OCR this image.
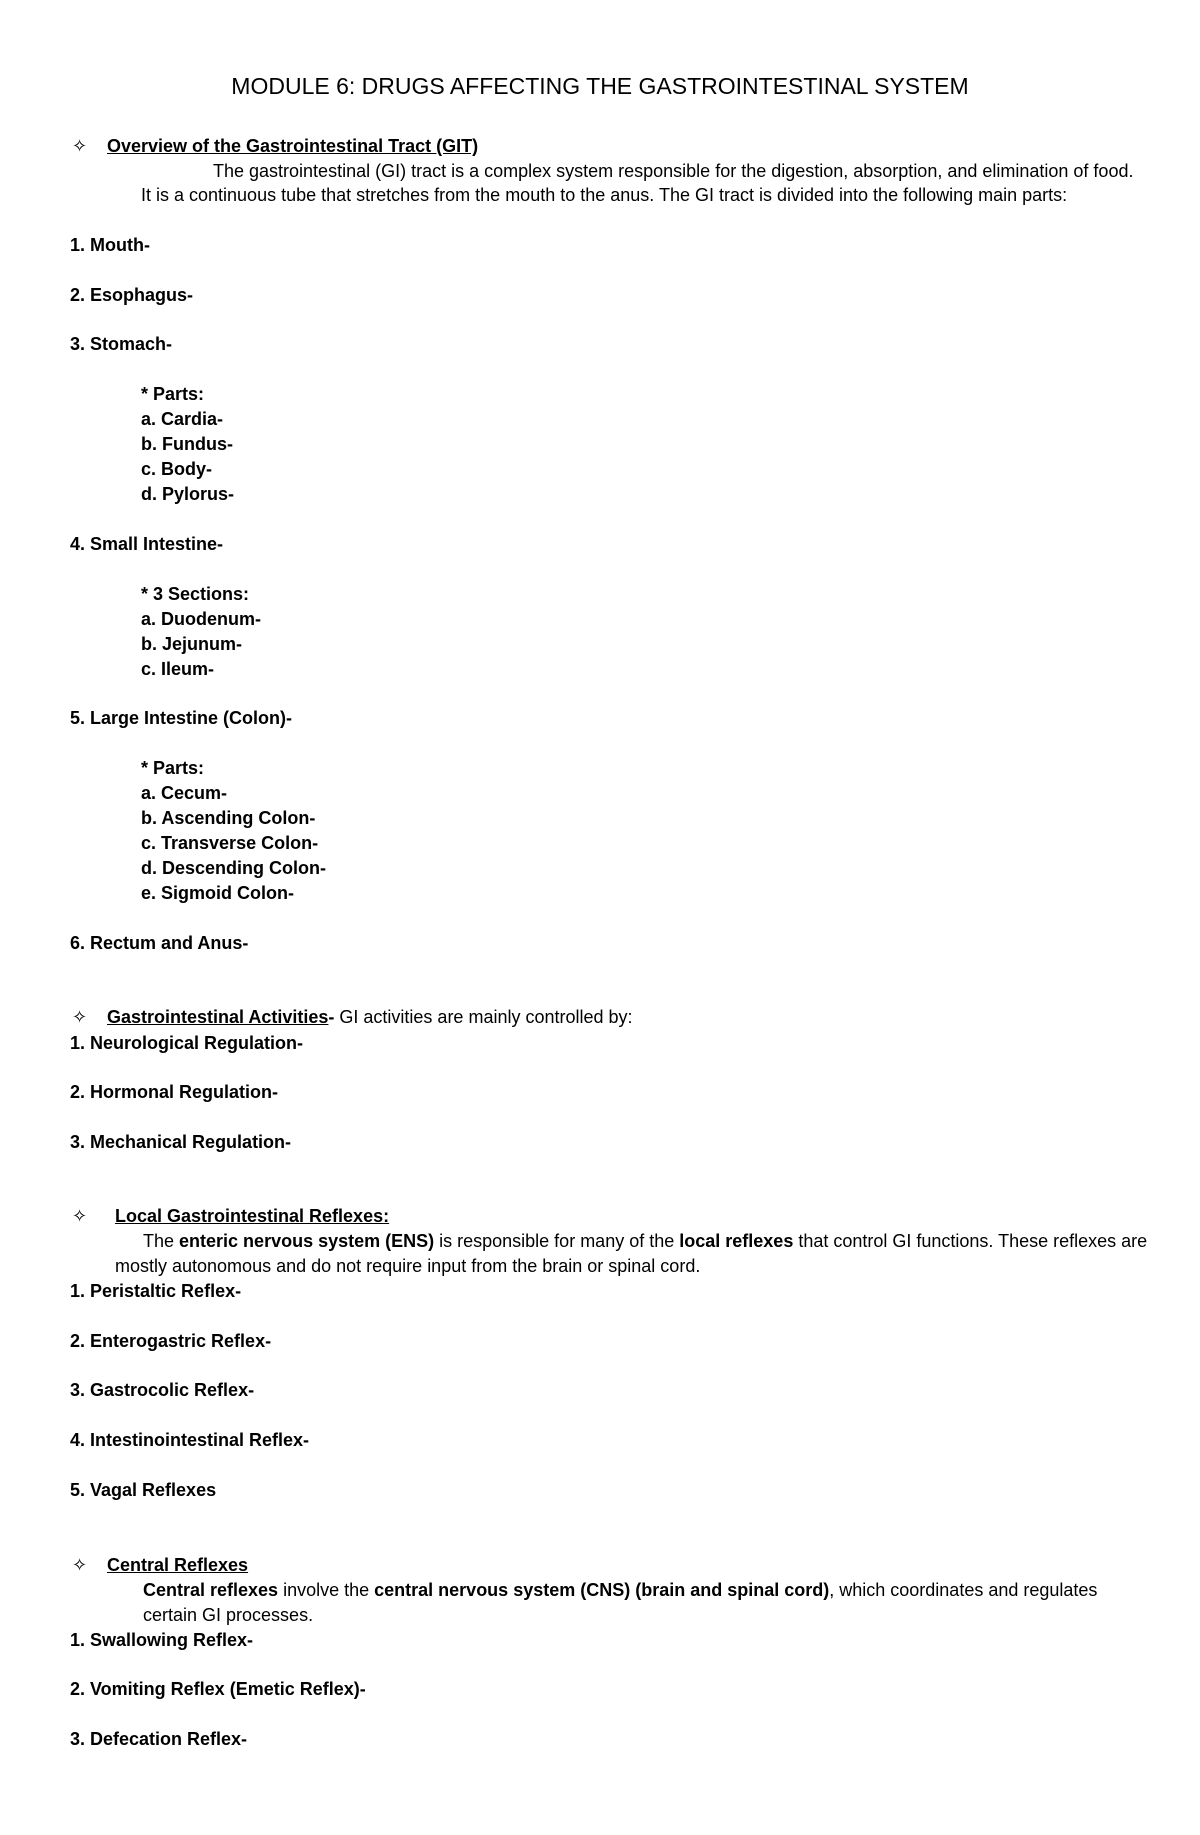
MODULE 6: DRUGS AFFECTING THE GASTROINTESTINAL SYSTEM
✧ Overview of the Gastrointestinal Tract (GIT)
The gastrointestinal (GI) tract is a complex system responsible for the digestion, absorption, and elimination of food.
It is a continuous tube that stretches from the mouth to the anus. The GI tract is divided into the following main parts:
1. Mouth-
2. Esophagus-
3. Stomach-
* Parts:
a. Cardia-
b. Fundus-
c. Body-
d. Pylorus-
4. Small Intestine-
* 3 Sections:
a. Duodenum-
b. Jejunum-
c. Ileum-
5. Large Intestine (Colon)-
* Parts:
a. Cecum-
b. Ascending Colon-
c. Transverse Colon-
d. Descending Colon-
e. Sigmoid Colon-
6. Rectum and Anus-
✧ Gastrointestinal Activities- GI activities are mainly controlled by:
1. Neurological Regulation-
2. Hormonal Regulation-
3. Mechanical Regulation-
✧ Local Gastrointestinal Reflexes:
The enteric nervous system (ENS) is responsible for many of the local reflexes that control GI functions. These reflexes are
mostly autonomous and do not require input from the brain or spinal cord.
1. Peristaltic Reflex-
2. Enterogastric Reflex-
3. Gastrocolic Reflex-
4. Intestinointestinal Reflex-
5. Vagal Reflexes
✧ Central Reflexes
Central reflexes involve the central nervous system (CNS) (brain and spinal cord), which coordinates and regulates
certain GI processes.
1. Swallowing Reflex-
2. Vomiting Reflex (Emetic Reflex)-
3. Defecation Reflex-
